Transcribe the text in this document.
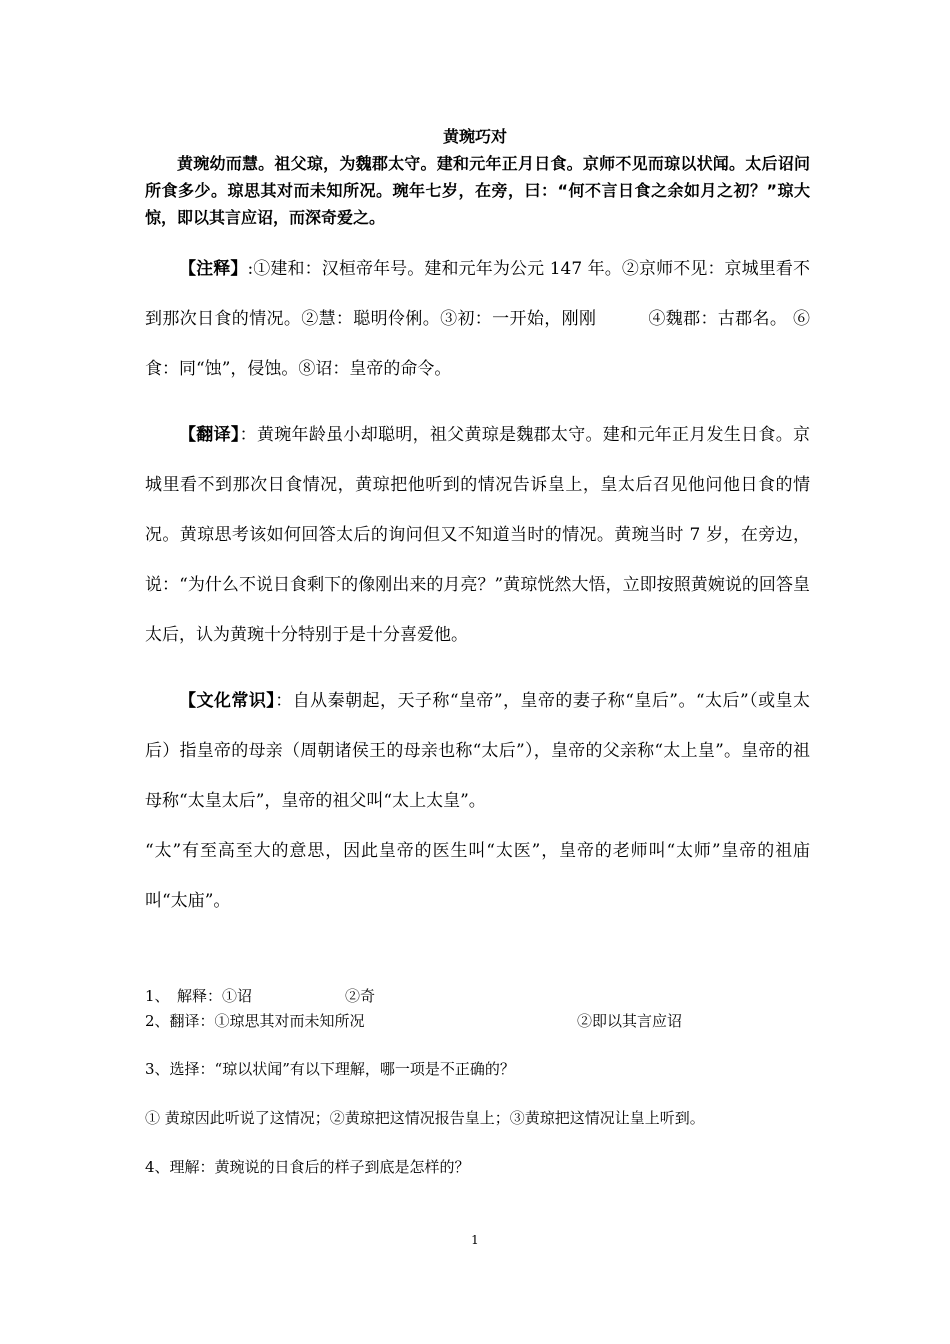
黄琬巧对
黄琬幼而慧。祖父琼，为魏郡太守。建和元年正月日食。京师不见而琼以状闻。太后诏问所食多少。琼思其对而未知所况。琬年七岁，在旁，曰：“何不言日食之余如月之初？”琼大惊，即以其言应诏，而深奇爱之。
【注释】:①建和：汉桓帝年号。建和元年为公元 147 年。②京师不见：京城里看不到那次日食的情况。②慧：聪明伶俐。③初：一开始，刚刚　　　④魏郡：古郡名。 ⑥食：同“蚀”，侵蚀。⑧诏：皇帝的命令。
【翻译】：黄琬年龄虽小却聪明，祖父黄琼是魏郡太守。建和元年正月发生日食。京城里看不到那次日食情况，黄琼把他听到的情况告诉皇上，皇太后召见他问他日食的情况。黄琼思考该如何回答太后的询问但又不知道当时的情况。黄琬当时 7 岁，在旁边，说：“为什么不说日食剩下的像刚出来的月亮？”黄琼恍然大悟，立即按照黄婉说的回答皇太后，认为黄琬十分特别于是十分喜爱他。
【文化常识】：自从秦朝起，天子称“皇帝”，皇帝的妻子称“皇后”。“太后”（或皇太后）指皇帝的母亲（周朝诸侯王的母亲也称“太后”），皇帝的父亲称“太上皇”。皇帝的祖母称“太皇太后”，皇帝的祖父叫“太上太皇”。
“太”有至高至大的意思，因此皇帝的医生叫“太医”，皇帝的老师叫“太师”皇帝的祖庙叫“太庙”。
1、　解释：①诏	②奇
2、翻译：①琼思其对而未知所况	②即以其言应诏
3、选择：“琼以状闻”有以下理解，哪一项是不正确的？
① 黄琼因此听说了这情况；②黄琼把这情况报告皇上；③黄琼把这情况让皇上听到。
4、理解：黄琬说的日食后的样子到底是怎样的？
1
